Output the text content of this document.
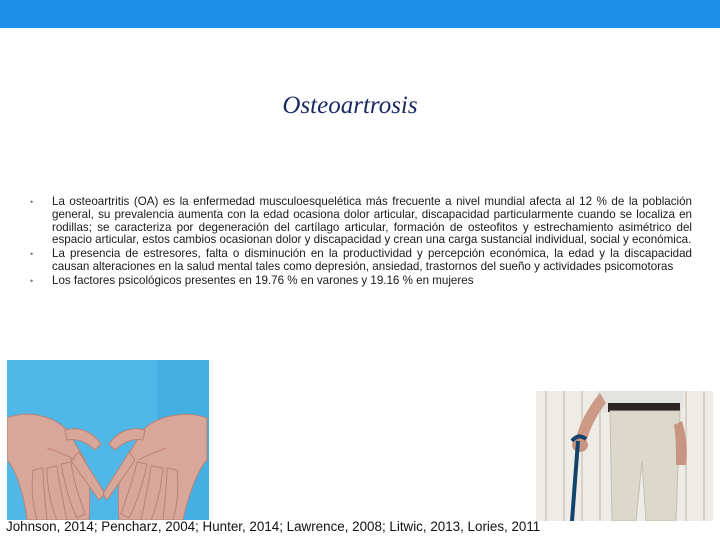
Osteoartrosis
• La osteoartritis (OA) es la enfermedad musculoesquelética más frecuente a nivel mundial afecta al 12 % de la población general, su prevalencia aumenta con la edad ocasiona dolor articular, discapacidad particularmente cuando se localiza en rodillas; se caracteriza por degeneración del cartílago articular, formación de osteofitos y estrechamiento asimétrico del espacio articular, estos cambios ocasionan dolor y discapacidad y crean una carga sustancial individual, social y económica.
• La presencia de estresores, falta o disminución en la productividad y percepción económica, la edad y la discapacidad causan alteraciones en la salud mental tales como depresión, ansiedad, trastornos del sueño y actividades psicomotoras
• Los factores psicológicos presentes en 19.76 % en varones y 19.16 % en mujeres
Johnson, 2014; Pencharz, 2004; Hunter, 2014; Lawrence, 2008; Litwic, 2013, Lories, 2011
